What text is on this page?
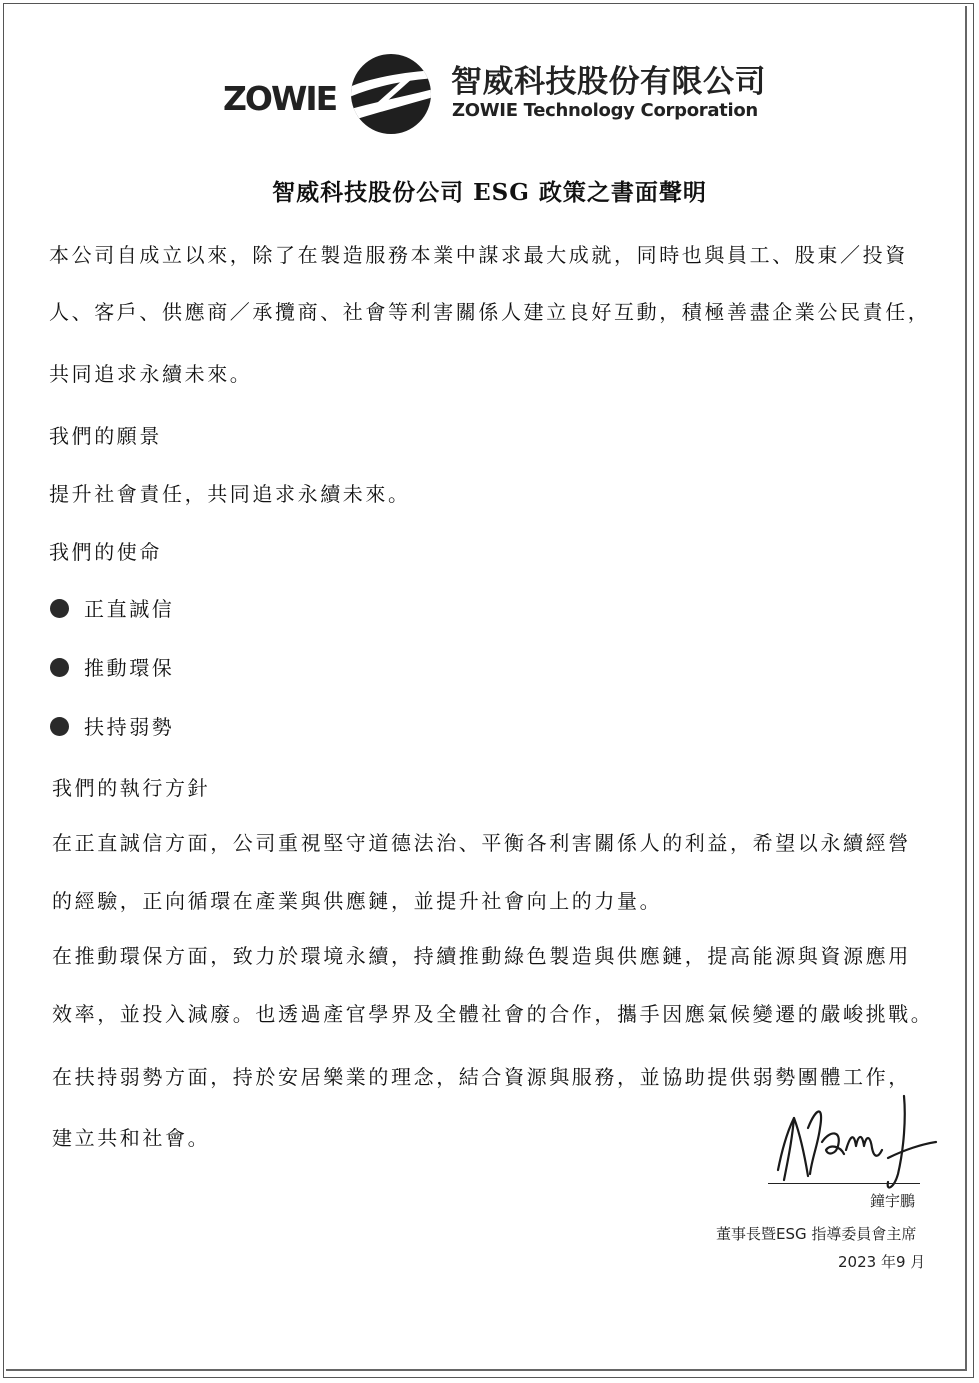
ZOWIE	智威科技股份有限公司
ZOWIE Technology Corporation
智威科技股份公司 ESG 政策之書面聲明
本公司自成立以來，除了在製造服務本業中謀求最大成就，同時也與員工、股東／投資
人、客戶、供應商／承攬商、社會等利害關係人建立良好互動，積極善盡企業公民責任，
共同追求永續未來。
我們的願景
提升社會責任，共同追求永續未來。
我們的使命
正直誠信
推動環保
扶持弱勢
我們的執行方針
在正直誠信方面，公司重視堅守道德法治、平衡各利害關係人的利益，希望以永續經營
的經驗，正向循環在產業與供應鏈，並提升社會向上的力量。
在推動環保方面，致力於環境永續，持續推動綠色製造與供應鏈，提高能源與資源應用
效率，並投入減廢。也透過產官學界及全體社會的合作，攜手因應氣候變遷的嚴峻挑戰。
在扶持弱勢方面，持於安居樂業的理念，結合資源與服務，並協助提供弱勢團體工作，
建立共和社會。
鐘宇鵬
董事長暨ESG 指導委員會主席
2023 年9 月
